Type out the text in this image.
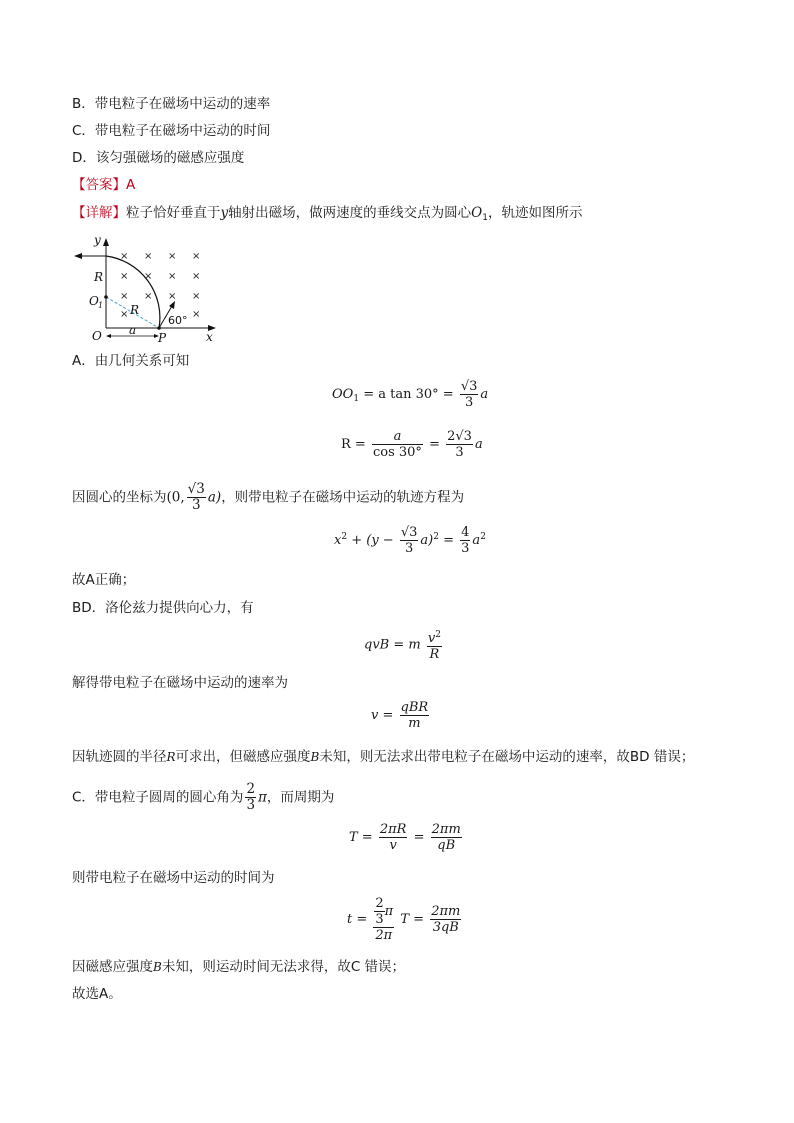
B．带电粒子在磁场中运动的速率
C．带电粒子在磁场中运动的时间
D．该匀强磁场的磁感应强度
【答案】A
【详解】粒子恰好垂直于y轴射出磁场，做两速度的垂线交点为圆心$O_1$，轨迹如图所示
× × × ×
× × × ×
× × × ×
×	×
y
x
O
O 1
R
R
P
a
60°
A．由几何关系可知
$OO_1 = a$ $\tan 30^\circ = \frac{√3}{3}$ a
$R = \frac{a}{\cos 30^\circ} = \frac{2√3}{3}$ a
因圆心的坐标为(0, $\frac{√3}{3} a$)，则带电粒子在磁场中运动的轨迹方程为
$x^2 + (y - \frac{√3}{3} a)^2 = \frac{4}{3} a^2$
故A正确；
BD．洛伦兹力提供向心力，有
qvB = m $\frac{v^2}{R}$
解得带电粒子在磁场中运动的速率为
$v = \frac{\text{qBR}}{m}$
因轨迹圆的半径R可求出，但磁感应强度B未知，则无法求出带电粒子在磁场中运动的速率，故BD 错误；
C．带电粒子圆周的圆心角为 $\frac{2}{3}$ π，而周期为
$T = \frac{2\pi R}{v} = \frac{2\pi m}{qB}$
则带电粒子在磁场中运动的时间为
$t = \frac{\frac{2}{3} \pi}{2\pi}$ $T = \frac{2\pi m}{3qB}$
因磁感应强度B未知，则运动时间无法求得，故C 错误；
故选A。
